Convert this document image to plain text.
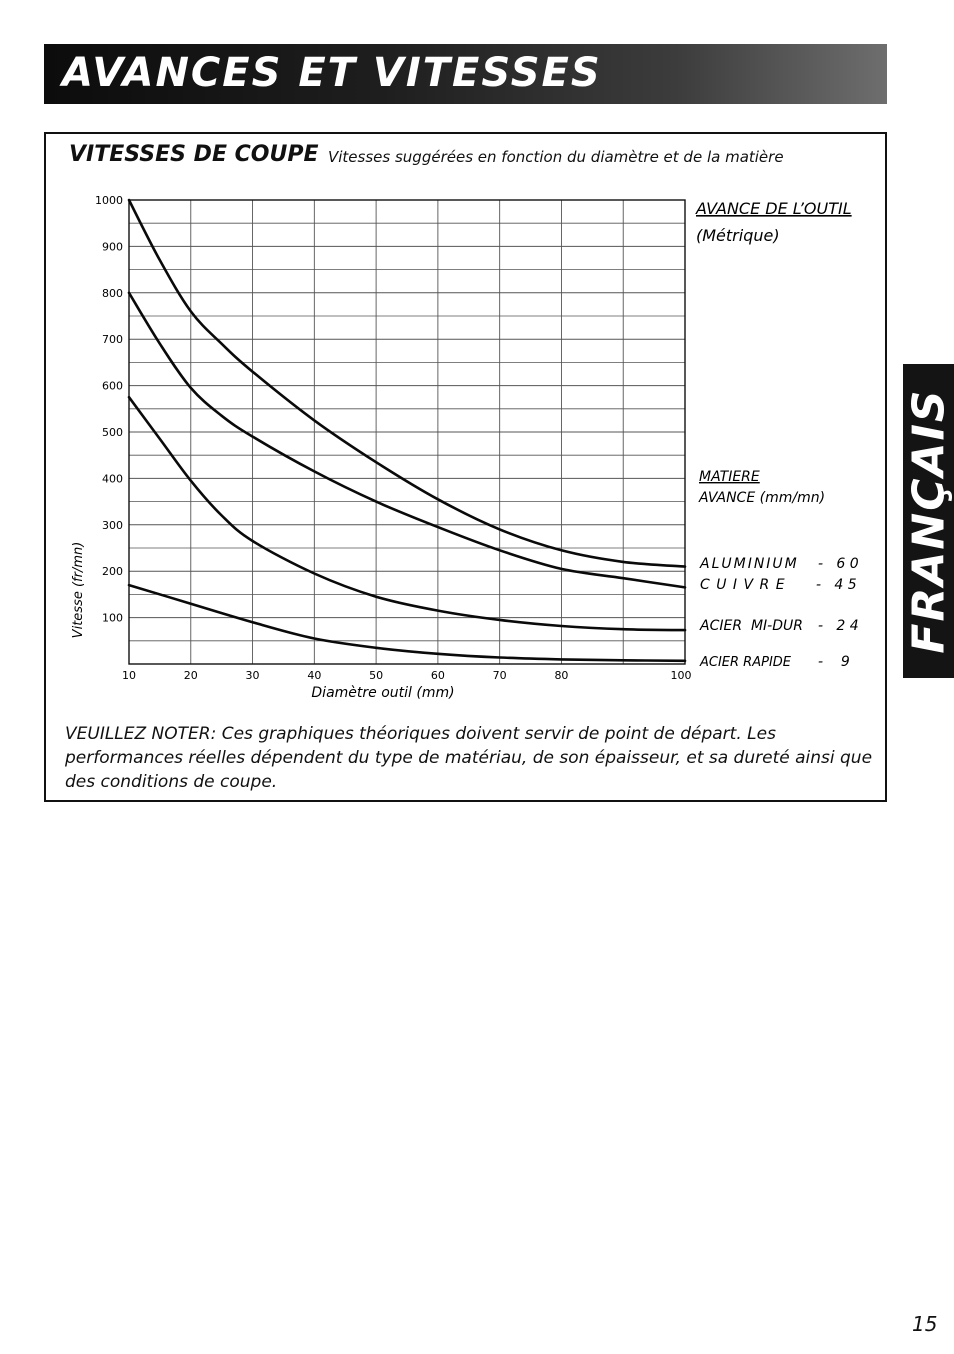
AVANCES ET VITESSES
VITESSES DE COUPE Vitesses suggérées en fonction du diamètre et de la matière
10	20	30	40	50	60	70	80	100
1000
900
800
700
600
500
400
300
200
100
Diamètre outil (mm)
Vitesse (fr/mn)
AVANCE DE L’OUTIL
(Métrique)
MATIERE
AVANCE (mm/mn)
ALUMINIUM -   6 0
C U I V R E -   4 5
ACIER  MI-DUR -   2 4
ACIER RAPIDE -    9
VEUILLEZ NOTER: Ces graphiques théoriques doivent servir de point de départ. Les performances réelles dépendent du type de matériau, de son épaisseur, et sa dureté ainsi que des conditions de coupe.
FRANÇAIS
15
